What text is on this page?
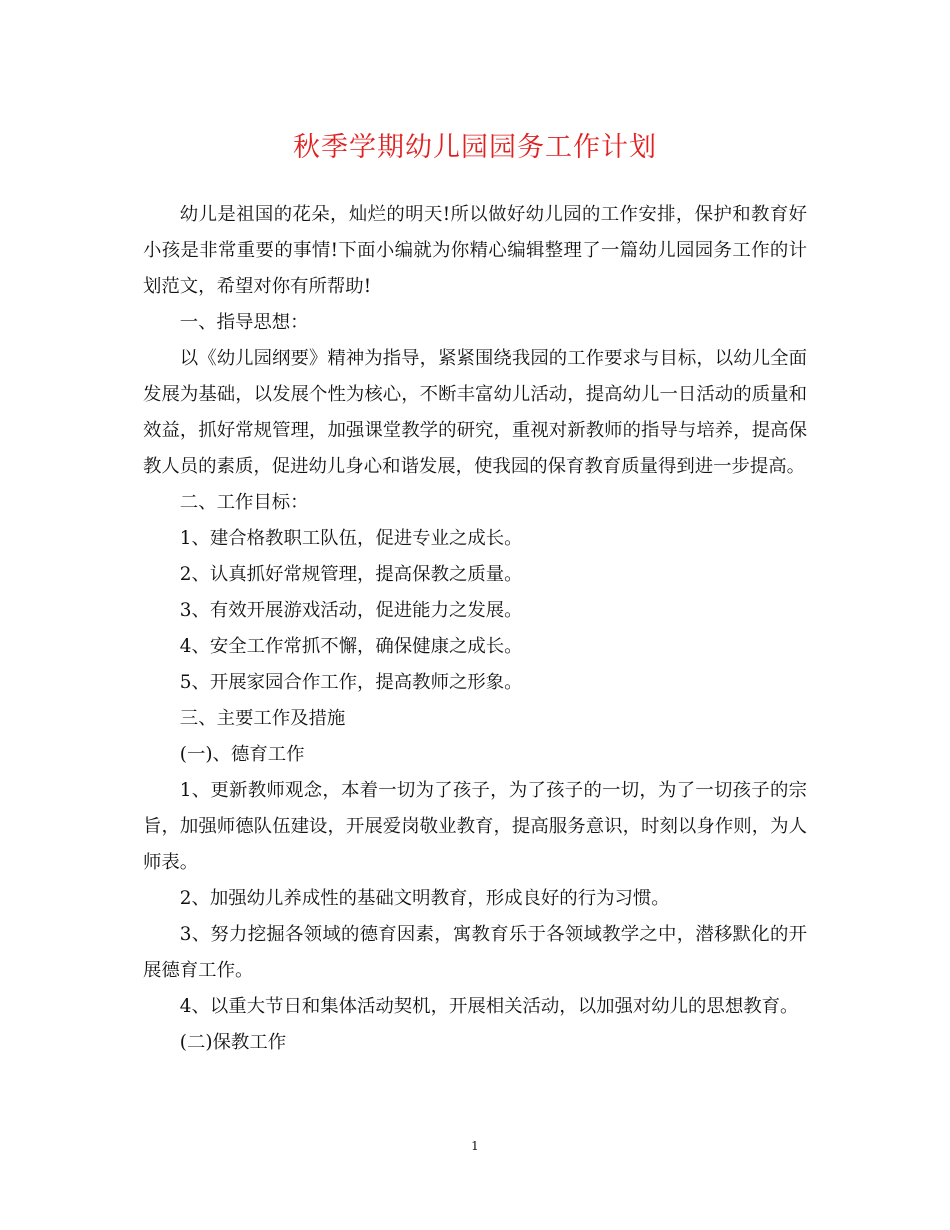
秋季学期幼儿园园务工作计划

幼儿是祖国的花朵，灿烂的明天!所以做好幼儿园的工作安排，保护和教育好小孩是非常重要的事情!下面小编就为你精心编辑整理了一篇幼儿园园务工作的计划范文，希望对你有所帮助!

一、指导思想：

以《幼儿园纲要》精神为指导，紧紧围绕我园的工作要求与目标，以幼儿全面发展为基础，以发展个性为核心，不断丰富幼儿活动，提高幼儿一日活动的质量和效益，抓好常规管理，加强课堂教学的研究，重视对新教师的指导与培养，提高保教人员的素质，促进幼儿身心和谐发展，使我园的保育教育质量得到进一步提高。

二、工作目标：

1、建合格教职工队伍，促进专业之成长。

2、认真抓好常规管理，提高保教之质量。

3、有效开展游戏活动，促进能力之发展。

4、安全工作常抓不懈，确保健康之成长。

5、开展家园合作工作，提高教师之形象。

三、主要工作及措施

(一)、德育工作

1、更新教师观念，本着一切为了孩子，为了孩子的一切，为了一切孩子的宗旨，加强师德队伍建设，开展爱岗敬业教育，提高服务意识，时刻以身作则，为人师表。

2、加强幼儿养成性的基础文明教育，形成良好的行为习惯。

3、努力挖掘各领域的德育因素，寓教育乐于各领域教学之中，潜移默化的开展德育工作。

4、以重大节日和集体活动契机，开展相关活动，以加强对幼儿的思想教育。

(二)保教工作

1
